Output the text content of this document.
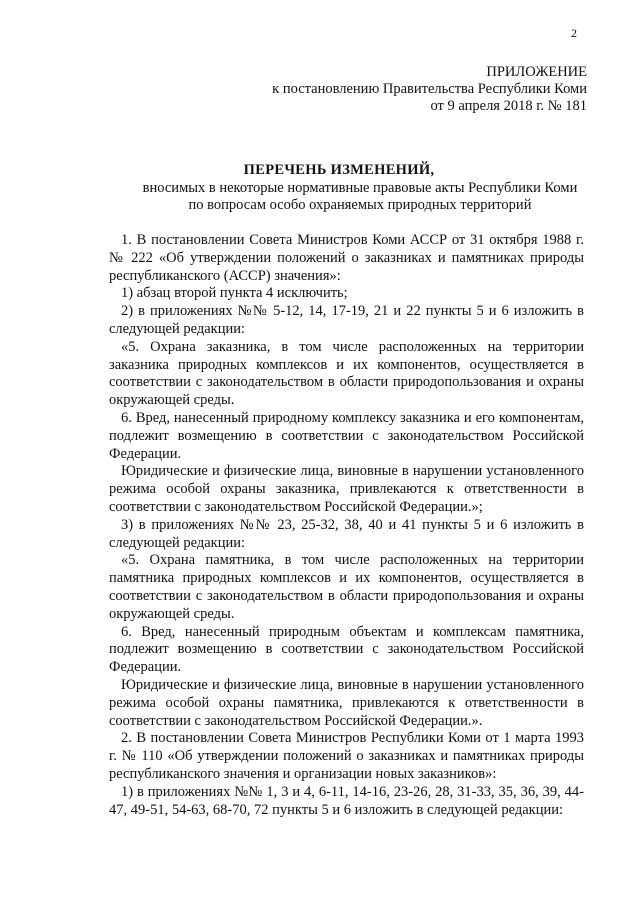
2
ПРИЛОЖЕНИЕ
к постановлению Правительства Республики Коми
от 9 апреля 2018 г. № 181
ПЕРЕЧЕНЬ ИЗМЕНЕНИЙ,
вносимых в некоторые нормативные правовые акты Республики Коми
по вопросам особо охраняемых природных территорий

1. В постановлении Совета Министров Коми АССР от 31 октября 1988 г. № 222 «Об утверждении положений о заказниках и памятниках природы республиканского (АССР) значения»:

1) абзац второй пункта 4 исключить;

2) в приложениях №№ 5-12, 14, 17-19, 21 и 22 пункты 5 и 6 изложить в следующей редакции:

«5. Охрана заказника, в том числе расположенных на территории заказника природных комплексов и их компонентов, осуществляется в соответствии с законодательством в области природопользования и охраны окружающей среды.

6. Вред, нанесенный природному комплексу заказника и его компонентам, подлежит возмещению в соответствии с законодательством Российской Федерации.

Юридические и физические лица, виновные в нарушении установленного режима особой охраны заказника, привлекаются к ответственности в соответствии с законодательством Российской Федерации.»;

3) в приложениях №№ 23, 25-32, 38, 40 и 41 пункты 5 и 6 изложить в следующей редакции:

«5. Охрана памятника, в том числе расположенных на территории памятника природных комплексов и их компонентов, осуществляется в соответствии с законодательством в области природопользования и охраны окружающей среды.

6. Вред, нанесенный природным объектам и комплексам памятника, подлежит возмещению в соответствии с законодательством Российской Федерации.

Юридические и физические лица, виновные в нарушении установленного режима особой охраны памятника, привлекаются к ответственности в соответствии с законодательством Российской Федерации.».

2. В постановлении Совета Министров Республики Коми от 1 марта 1993 г. № 110 «Об утверждении положений о заказниках и памятниках природы республиканского значения и организации новых заказников»:

1) в приложениях №№ 1, 3 и 4, 6-11, 14-16, 23-26, 28, 31-33, 35, 36, 39, 44-47, 49-51, 54-63, 68-70, 72 пункты 5 и 6 изложить в следующей редакции:
